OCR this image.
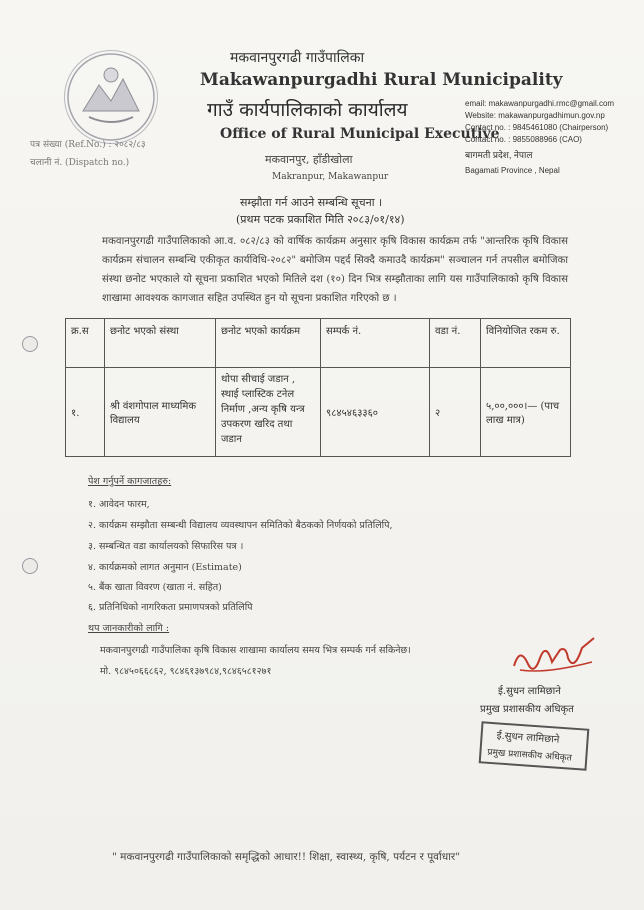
मकवानपुरगढी गाउँपालिका
Makawanpurgadhi Rural Municipality
गाउँ कार्यपालिकाको कार्यालय
Office of Rural Municipal Executive
मकवानपुर, हाँडीखोला
Makranpur, Makawanpur
पत्र संख्या (Ref.No.) : २०८२/८३
चलानी नं. (Dispatch no.)
email: makawanpurgadhi.rmc@gmail.com
Website: makawanpurgadhimun.gov.np
Contact no. : 9845461080 (Chairperson)
Contact no. : 9855088966 (CAO)
बागमती प्रदेश, नेपाल
Bagamati Province , Nepal
सम्झौता गर्न आउने सम्बन्धि सूचना ।
(प्रथम पटक प्रकाशित मिति २०८३/०१/१४)
मकवानपुरगढी गाउँपालिकाको आ.व. ०८२/८३ को वार्षिक कार्यक्रम अनुसार कृषि विकास कार्यक्रम तर्फ "आन्तरिक कृषि विकास कार्यक्रम संचालन सम्बन्धि एकीकृत कार्यविधि-२०८२" बमोजिम पद्दर्द सिक्दै कमाउदै कार्यक्रम" सञ्चालन गर्न तपसील बमोजिका संस्था छनोट भएकाले यो सूचना प्रकाशित भएको मितिले दश (१०) दिन भित्र सम्झौताका लागि यस गाउँपालिकाको कृषि विकास शाखामा आवश्यक कागजात सहित उपस्थित हुन यो सूचना प्रकाशित गरिएको छ ।
क्र.स	छनोट भएको संस्था	छनोट भएको कार्यक्रम	सम्पर्क नं.	वडा नं.	विनियोजित रकम रु.
१.	श्री वंशगोपाल माध्यमिक विद्यालय	थोपा सीचाई जडान , स्थाई प्लास्टिक टनेल निर्माण ,अन्य कृषि यन्त्र उपकरण खरिद तथा जडान	९८४५४६३३६०	२	५,००,०००।— (पाच लाख मात्र)
पेश गर्नुपर्ने कागजातहरु:
१. आवेदन फारम,
२. कार्यक्रम सम्झौता सम्बन्धी विद्यालय व्यवस्थापन समितिको बैठकको निर्णयको प्रतिलिपि,
३. सम्बन्धित वडा कार्यालयको सिफारिस पत्र ।
४. कार्यक्रमको लागत अनुमान (Estimate)
५. बैंक खाता विवरण (खाता नं. सहित)
६. प्रतिनिधिको नागरिकता प्रमाणपत्रको प्रतिलिपि
थप जानकारीको लागि :
मकवानपुरगढी गाउँपालिका कृषि विकास शाखामा कार्यालय समय भित्र सम्पर्क गर्न सकिनेछ।
मो. ९८४५०६६८६२, ९८४६१३७९८४,९८४६५८१२७१
ई.सुधन लामिछाने
प्रमुख प्रशासकीय अधिकृत
ई.सुधन लामिछाने
प्रमुख प्रशासकीय अधिकृत
" मकवानपुरगढी गाउँपालिकाको समृद्धिको आधार!! शिक्षा, स्वास्थ्य, कृषि, पर्यटन र पूर्वाधार"
